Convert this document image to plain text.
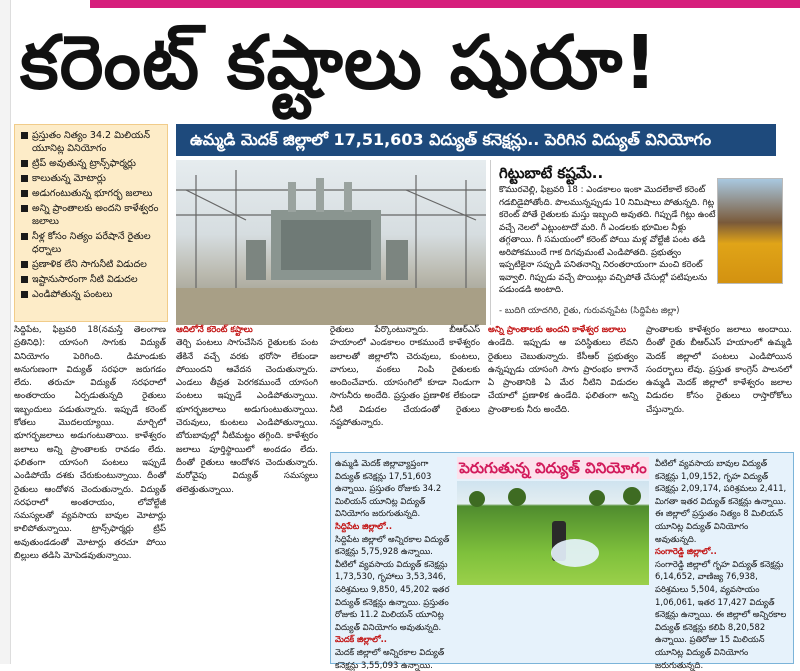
కరెంట్ కష్టాలు షురూ!
ప్రస్తుతం నిత్యం 34.2 మిలియన్ యూనిట్ల వినియోగం
ట్రిప్ అవుతున్న ట్రాన్స్‌ఫార్మర్లు
కాలుతున్న మోటార్లు
అడుగంటుతున్న భూగర్భ జలాలు
అన్ని ప్రాంతాలకు అందని కాళేశ్వరం జలాలు
నీళ్ల కోసం నిత్యం పరేషానే రైతుల ధర్నాలు
ప్రణాళిక లేని సాగునీటి విడుదల
ఇష్టానుసారంగా నీటి విడుదల
ఎండిపోతున్న పంటలు
ఉమ్మడి మెదక్ జిల్లాలో 17,51,603 విద్యుత్ కనెక్షన్లు.. పెరిగిన విద్యుత్ వినియోగం
గిట్టుబాటే కష్టమే..
కొమురవెల్లి, ఫిబ్రవరి 18 : ఎండకాలం ఇంకా మొదలేకాలే కరెంట్ గడబిడైపోతోంది. పొలమున్నప్పుడు 10 నిమిషాలు పోతున్నది. గిట్ల కరెంట్ పోతే రైతులకు మస్తు ఇబ్బంది అవుతది. గిప్పుడే గిట్లు ఉంటే వచ్చే నెలలో ఎట్లుంటాదో మరి. గీ ఎండలకు భూమిల నీళ్లు తగ్గతాయి. గీ సమయంలో కరెంట్ పోయి మళ్ల వోల్టేజీ పంట తడి అరిపోకముందే గాక దిగవుమంటే ఎండిపోతది. ప్రభుత్వం ఇప్పటికైనా సప్పుడి పనితనాన్ని నిరంతరాయంగా మంచి కరెంట్ ఇవ్వాలి. గిప్పుడు వచ్చే పొయిట్లు వచ్చిపోతే చేసుల్లో పటిపులను పడుండడి అంటాది.
- బుదిగి యాదగిరి, రైతు, గురువన్నపేట (సిద్దిపేట జిల్లా)
సిద్దిపేట, ఫిబ్రవరి 18(నమస్తే తెలంగాణ ప్రతినిధి): యాసంగి సాగుకు విద్యుత్ వినియోగం పెరిగింది. డిమాండుకు అనుగుణంగా విద్యుత్ సరఫరా జరుగడం లేదు. తరుచూ విద్యుత్ సరఫరాలో అంతరాయం ఏర్పడుతున్నది రైతులు ఇబ్బందులు పడుతున్నారు. ఇప్పుడే కరెంట్ కోతలు మొదలయ్యాయి. మార్చిలో భూగర్భజలాలు అడుగంటుతాయి. కాళేశ్వరం జలాలు అన్ని ప్రాంతాలకు రావడం లేదు. ఫలితంగా యాసంగి పంటలు ఇప్పుడే ఎండిపోయే దశకు చేరుకుంటున్నాయి. దీంతో రైతులు ఆందోళన చెందుతున్నారు. విద్యుత్ సరఫరాలో అంతరాయం, లోవోల్టేజీ సమస్యలతో వ్యవసాయ బావుల మోటార్లు కాలిపోతున్నాయి. ట్రాన్స్‌ఫార్మర్లు ట్రిప్ అవుతుండడంతో మోటార్లు తరచూ పోయి బిల్లులు తడిసి మోపెడవుతున్నాయి.
ఆదిలోనే కరెంట్ కష్టాలు
తెర్చి పంటలు సాగుచేసిన రైతులకు పంట తేకినే వచ్చే వరకు భరోసా లేకుండా పోయిందని ఆవేదన చెందుతున్నారు. ఎండలు తీవ్రత పెరగకముందే యాసంగి పంటలు ఇప్పుడే ఎండిపోతున్నాయి. భూగర్భజలాలు అడుగుంటుతున్నాయి. చెరువులు, కుంటలు ఎండిపోతున్నాయి. బోరుబావుల్లో నీటిమట్టం తగ్గింది. కాళేశ్వరం జలాలు పూర్తిస్థాయిలో అందడం లేదు. దీంతో రైతులు ఆందోళన చెందుతున్నారు. మరోవైపు విద్యుత్ సమస్యలు తలెత్తుతున్నాయి.
రైతులు పేర్కొంటున్నారు. బీఆర్‌ఎస్ హయాంలో ఎండకాలం రాకముందే కాళేశ్వరం జలాలతో జిల్లాలోని చెరువులు, కుంటలు, వాగులు, వంకలు నింపి రైతులకు అందించేవారు. యాసంగిలో కూడా నిండుగా సాగునీరు అందేది. ప్రస్తుతం ప్రణాళిక లేకుండా నీటి విడుదల చేయడంతో రైతులు నష్టపోతున్నారు.
అన్ని ప్రాంతాలకు అందని కాళేశ్వర జలాలు
ఉండేది. ఇప్పుడు ఆ పరిస్థితులు లేవని రైతులు చెబుతున్నారు. కేసీఆర్ ప్రభుత్వం ఉన్నప్పుడు యాసంగి సాగు ప్రారంభం కాగానే ఏ ప్రాంతానికి ఏ మేర నీటిని విడుదల చేయాలో ప్రణాళిక ఉండేది. ఫలితంగా అన్ని ప్రాంతాలకు నీరు అందేది.
ప్రాంతాలకు కాళేశ్వరం జలాలు అందాయి. దీంతో రైతు బీఆర్‌ఎస్ హయాంలో ఉమ్మడి మెదక్ జిల్లాలో పంటలు ఎండిపోయిన సందర్భాలు లేవు. ప్రస్తుత కాంగ్రెస్ పాలనలో ఉమ్మడి మెదక్ జిల్లాలో కాళేశ్వరం జలాల విడుదల కోసం రైతులు రాస్తారోకోలు చేస్తున్నారు.
పెరుగుతున్న విద్యుత్ వినియోగం
ఉమ్మడి మెదక్ జిల్లావ్యాప్తంగా విద్యుత్ కనెక్షన్లు 17,51,603 ఉన్నాయి. ప్రస్తుతం రోజుకు 34.2 మిలియన్ యూనిట్ల విద్యుత్ వినియోగం జరుగుతున్నది.
సిద్దిపేట జిల్లాలో..
సిద్దిపేట జిల్లాలో అన్నిరకాల విద్యుత్ కనెక్షన్లు 5,75,928 ఉన్నాయి. వీటిలో వ్యవసాయ విద్యుత్ కనెక్షన్లు 1,73,530, గృహాలు 3,53,346, పరిశ్రమలు 9,850, 45,202 ఇతర విద్యుత్ కనెక్షన్లు ఉన్నాయి. ప్రస్తుతం రోజుకు 11.2 మిలియన్ యూనిట్ల విద్యుత్ వినియోగం అవుతున్నది.
మెదక్ జిల్లాలో..
మెదక్ జిల్లాలో అన్నిరకాల విద్యుత్ కనెక్షన్లు 3,55,093 ఉన్నాయి.
వీటిలో వ్యవసాయ బావుల విద్యుత్ కనెక్షన్లు 1,09,152, గృహ విద్యుత్ కనెక్షన్లు 2,09,174, పరిశ్రమలు 2,411, మిగతా ఇతర విద్యుత్ కనెక్షన్లు ఉన్నాయి. ఈ జిల్లాలో ప్రస్తుతం నిత్యం 8 మిలియన్ యూనిట్ల విద్యుత్ వినియోగం అవుతున్నది.
సంగారెడ్డి జిల్లాలో..
సంగారెడ్డి జిల్లాలో గృహ విద్యుత్ కనెక్షన్లు 6,14,652, వాణిజ్య 76,938, పరిశ్రమలు 5,504, వ్యవసాయం 1,06,061, ఇతర 17,427 విద్యుత్ కనెక్షన్లు ఉన్నాయి. ఈ జిల్లాలో అన్నిరకాల విద్యుత్ కనెక్షన్లు కలిపి 8,20,582 ఉన్నాయి. ప్రతిరోజు 15 మిలియన్ యూనిట్ల విద్యుత్ వినియోగం జరుగుతున్నది.
